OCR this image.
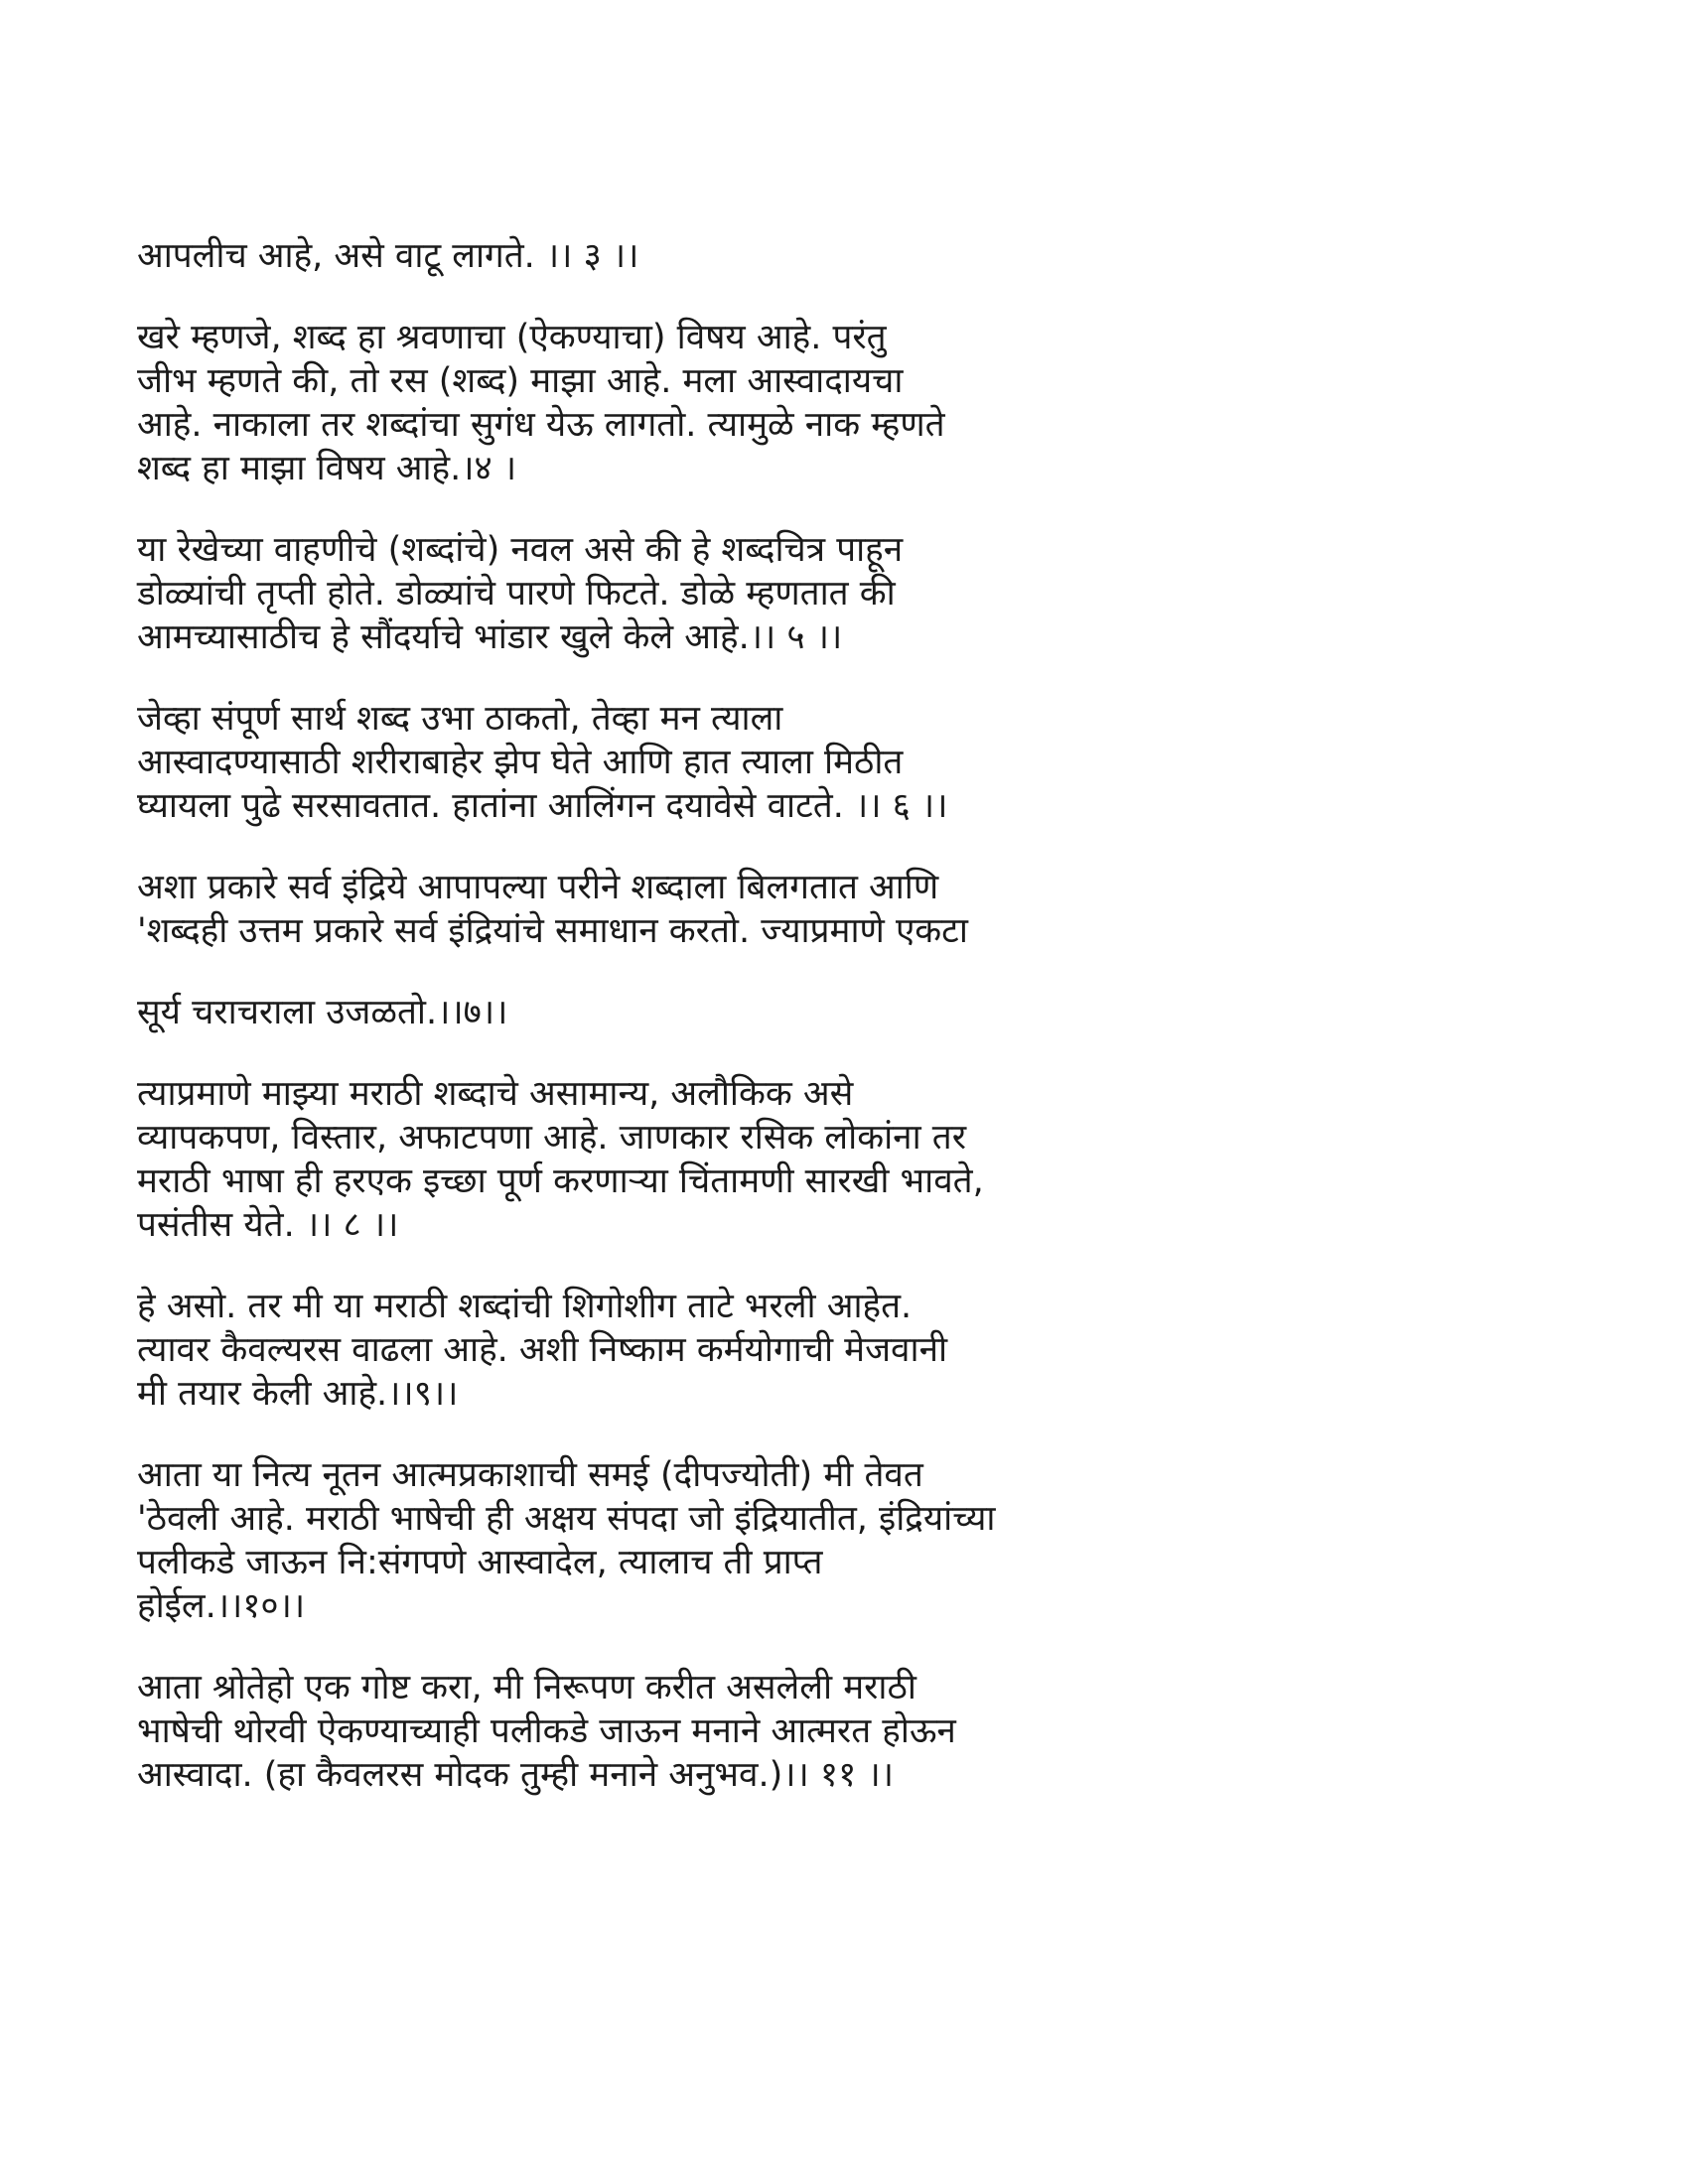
आपलीच आहे, असे वाटू लागते. ।। ३ ।।

खरे म्हणजे, शब्द हा श्रवणाचा (ऐकण्याचा) विषय आहे. परंतु
जीभ म्हणते की, तो रस (शब्द) माझा आहे. मला आस्वादायचा
आहे. नाकाला तर शब्दांचा सुगंध येऊ लागतो. त्यामुळे नाक म्हणते
शब्द हा माझा विषय आहे.।४ ।

या रेखेच्या वाहणीचे (शब्दांचे) नवल असे की हे शब्दचित्र पाहून
डोळ्यांची तृप्ती होते. डोळ्यांचे पारणे फिटते. डोळे म्हणतात की
आमच्यासाठीच हे सौंदर्याचे भांडार खुले केले आहे.।। ५ ।।

जेव्हा संपूर्ण सार्थ शब्द उभा ठाकतो, तेव्हा मन त्याला
आस्वादण्यासाठी शरीराबाहेर झेप घेते आणि हात त्याला मिठीत
घ्यायला पुढे सरसावतात. हातांना आलिंगन दयावेसे वाटते. ।। ६ ।।

अशा प्रकारे सर्व इंद्रिये आपापल्या परीने शब्दाला बिलगतात आणि
'शब्दही उत्तम प्रकारे सर्व इंद्रियांचे समाधान करतो. ज्याप्रमाणे एकटा

सूर्य चराचराला उजळतो.।।७।।

त्याप्रमाणे माझ्या मराठी शब्दाचे असामान्य, अलौकिक असे
व्यापकपण, विस्तार, अफाटपणा आहे. जाणकार रसिक लोकांना तर
मराठी भाषा ही हरएक इच्छा पूर्ण करणाऱ्या चिंतामणी सारखी भावते,
पसंतीस येते. ।। ८ ।।

हे असो. तर मी या मराठी शब्दांची शिगोशीग ताटे भरली आहेत.
त्यावर कैवल्यरस वाढला आहे. अशी निष्काम कर्मयोगाची मेजवानी
मी तयार केली आहे.।।९।।

आता या नित्य नूतन आत्मप्रकाशाची समई (दीपज्योती) मी तेवत
'ठेवली आहे. मराठी भाषेची ही अक्षय संपदा जो इंद्रियातीत, इंद्रियांच्या
पलीकडे जाऊन नि:संगपणे आस्वादेल, त्यालाच ती प्राप्त
होईल.।।१०।।

आता श्रोतेहो एक गोष्ट करा, मी निरूपण करीत असलेली मराठी
भाषेची थोरवी ऐकण्याच्याही पलीकडे जाऊन मनाने आत्मरत होऊन
आस्वादा. (हा कैवलरस मोदक तुम्ही मनाने अनुभव.)।। ११ ।।
